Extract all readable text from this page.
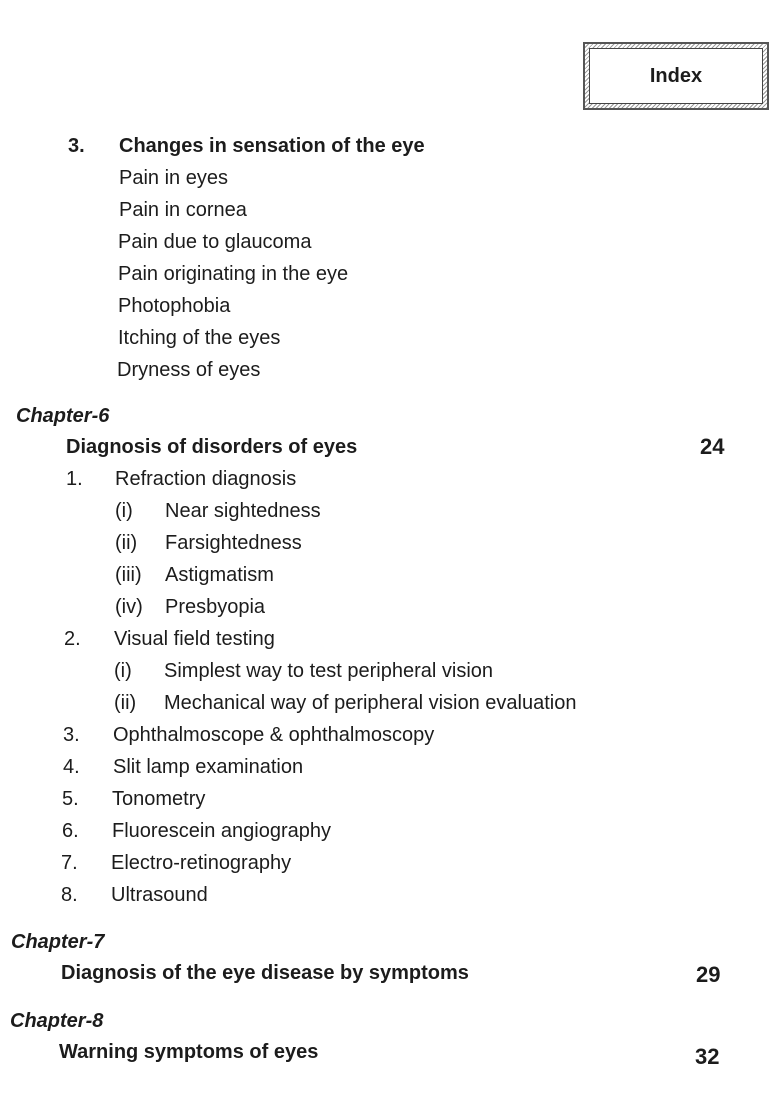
Index
3. Changes in sensation of the eye
Pain in eyes
Pain in cornea
Pain due to glaucoma
Pain originating in the eye
Photophobia
Itching of the eyes
Dryness of eyes
Chapter-6
Diagnosis of disorders of eyes	24
1. Refraction diagnosis
(i) Near sightedness
(ii) Farsightedness
(iii) Astigmatism
(iv) Presbyopia
2. Visual field testing
(i) Simplest way to test peripheral vision
(ii) Mechanical way of peripheral vision evaluation
3. Ophthalmoscope & ophthalmoscopy
4. Slit lamp examination
5. Tonometry
6. Fluorescein angiography
7. Electro-retinography
8. Ultrasound
Chapter-7
Diagnosis of the eye disease by symptoms	29
Chapter-8
Warning symptoms of eyes	32
